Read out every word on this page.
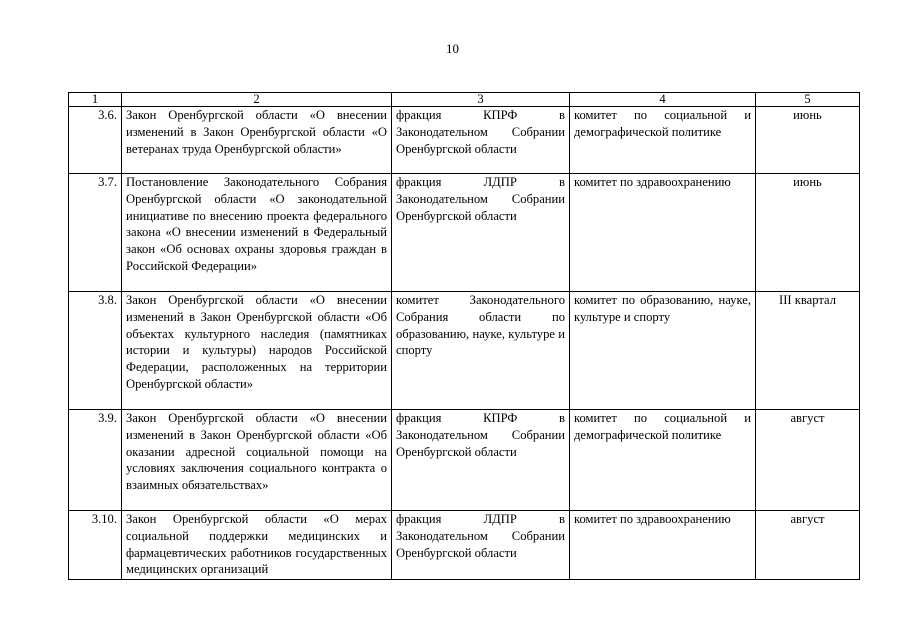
10
1	2	3	4	5
3.6.	Закон Оренбургской области «О внесении изменений в Закон Оренбургской области «О ветеранах труда Оренбургской области»	фракция КПРФ в Законодательном Собрании Оренбургской области	комитет по социальной и демографической политике	июнь
3.7.	Постановление Законодательного Собрания Оренбургской области «О законодательной инициативе по внесению проекта федерального закона «О внесении изменений в Федеральный закон «Об основах охраны здоровья граждан в Российской Федерации»	фракция ЛДПР в Законодательном Собрании Оренбургской области	комитет по здравоохранению	июнь
3.8.	Закон Оренбургской области «О внесении изменений в Закон Оренбургской области «Об объектах культурного наследия (памятниках истории и культуры) народов Российской Федерации, расположенных на территории Оренбургской области»	комитет Законодательного Собрания области по образованию, науке, культуре и спорту	комитет по образованию, науке, культуре и спорту	III квартал
3.9.	Закон Оренбургской области «О внесении изменений в Закон Оренбургской области «Об оказании адресной социальной помощи на условиях заключения социального контракта о взаимных обязательствах»	фракция КПРФ в Законодательном Собрании Оренбургской области	комитет по социальной и демографической политике	август
3.10.	Закон Оренбургской области «О мерах социальной поддержки медицинских и фармацевтических работников государственных медицинских организаций	фракция ЛДПР в Законодательном Собрании Оренбургской области	комитет по здравоохранению	август
